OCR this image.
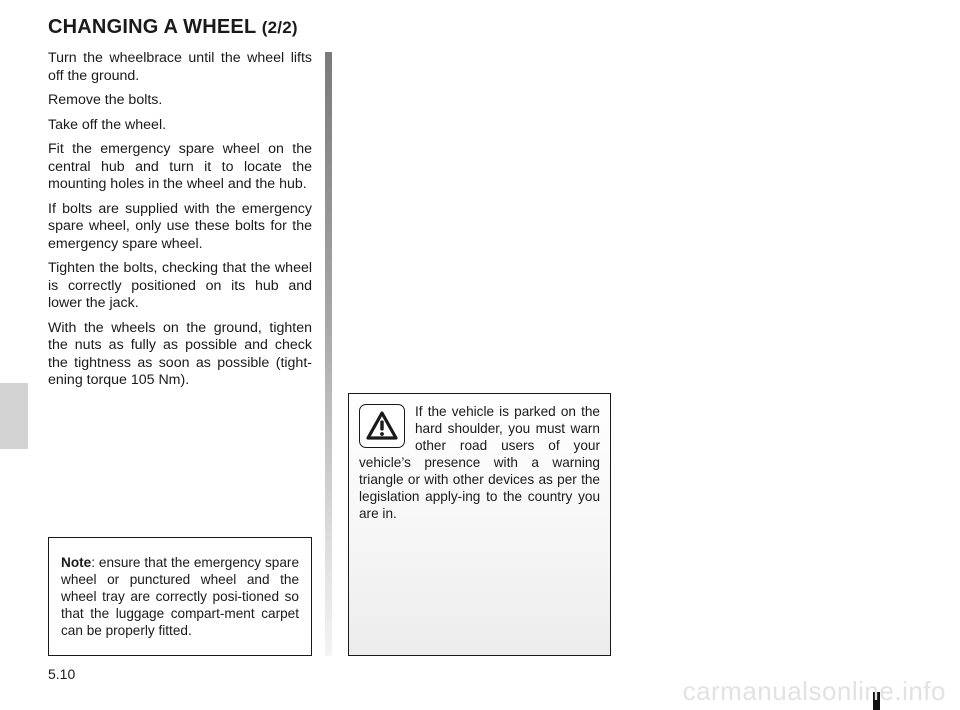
CHANGING A WHEEL (2/2)

Turn the wheelbrace until the wheel lifts off the ground.

Remove the bolts.

Take off the wheel.

Fit the emergency spare wheel on the central hub and turn it to locate the mounting holes in the wheel and the hub.

If bolts are supplied with the emergency spare wheel, only use these bolts for the emergency spare wheel.

Tighten the bolts, checking that the wheel is correctly positioned on its hub and lower the jack.

With the wheels on the ground, tighten the nuts as fully as possible and check the tightness as soon as possible (tight-ening torque 105 Nm).

Note: ensure that the emergency spare wheel or punctured wheel and the wheel tray are correctly posi-tioned so that the luggage compart-ment carpet can be properly fitted.

If the vehicle is parked on the hard shoulder, you must warn other road users of your vehicle’s presence with a warning triangle or with other devices as per the legislation apply-ing to the country you are in.

5.10
carmanualsonline.info
